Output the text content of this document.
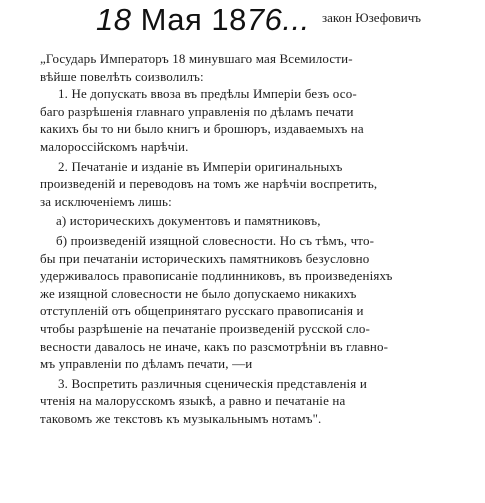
18 Мая 1876... закон Юзефовичъ
„Государь Императоръ 18 минувшаго мая Всемилости-
вѣйше повелѣть соизволилъ:
1. Не допускать ввоза въ предѣлы Имперіи безъ осо-
баго разрѣшенія главнаго управленія по дѣламъ печати
какихъ бы то ни было книгъ и брошюръ, издаваемыхъ на
малороссійскомъ нарѣчіи.
2. Печатаніе и изданіе въ Имперіи оригинальныхъ
произведеній и переводовъ на томъ же нарѣчіи воспретить,
за исключеніемъ лишь:
а) историческихъ документовъ и памятниковъ,
б) произведеній изящной словесности. Но съ тѣмъ, что-
бы при печатаніи историческихъ памятниковъ безусловно
удерживалось правописаніе подлинниковъ, въ произведеніяхъ
же изящной словесности не было допускаемо никакихъ
отступленій отъ общепринятаго русскаго правописанія и
чтобы разрѣшеніе на печатаніе произведеній русской сло-
весности давалось не иначе, какъ по разсмотрѣніи въ главно-
мъ управленіи по дѣламъ печати, —и
3. Воспретить различныя сценическія представленія и
чтенія на малорусскомъ языкѣ, а равно и печатаніе на
таковомъ же текстовъ къ музыкальнымъ нотамъ".
